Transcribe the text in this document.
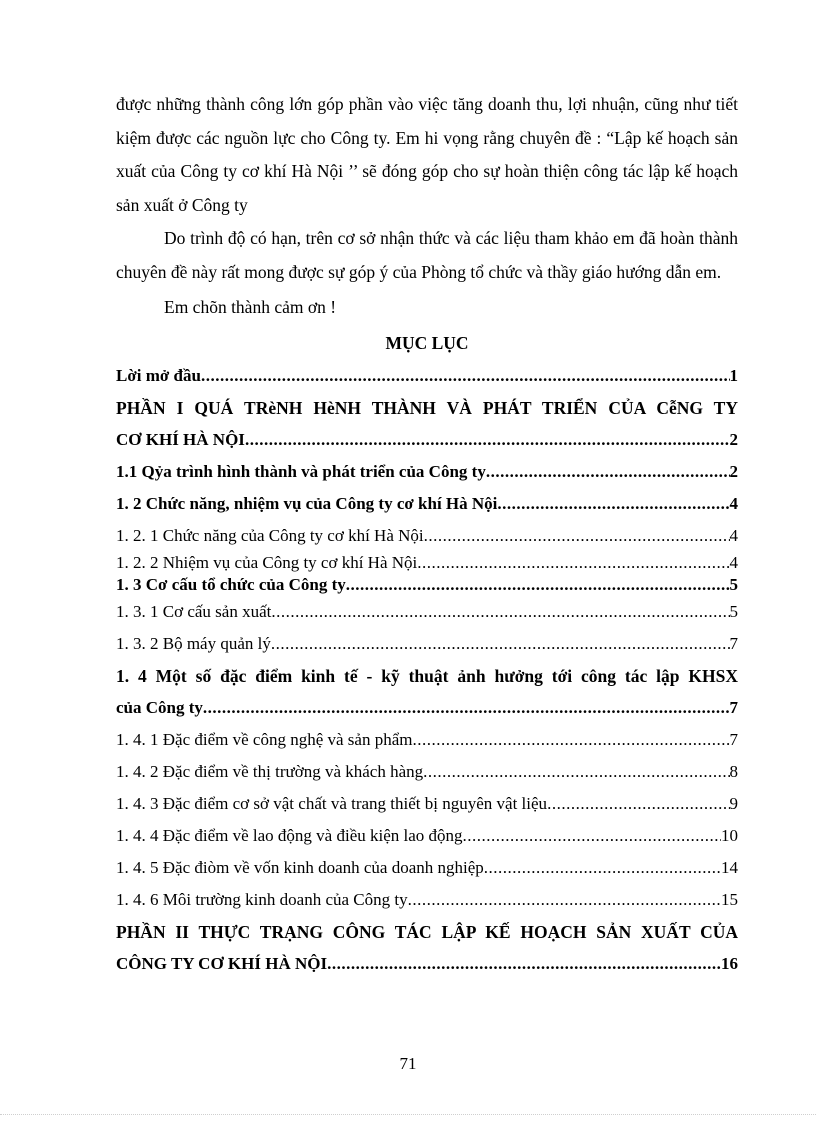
được những thành công lớn góp phần vào việc tăng doanh thu, lợi nhuận, cũng như tiết kiệm được các nguồn lực cho Công ty. Em hi vọng rằng chuyên đề : “Lập kế hoạch sản xuất của Công ty cơ khí Hà Nội ’’ sẽ đóng góp cho sự hoàn thiện công tác lập kế hoạch sản xuất ở Công ty

Do trình độ có hạn, trên cơ sở nhận thức và các liệu tham khảo em đã hoàn thành chuyên đề này rất mong được sự góp ý của Phòng tổ chức và thầy giáo hướng dẫn em.

Em chõn thành cảm ơn !

MỤC LỤC
Lời mở đầu .....	1
PHẦN I QUÁ TRèNH HèNH THÀNH VÀ PHÁT TRIỂN CỦA CễNG TY
CƠ KHÍ HÀ NỘI .....	2
1.1 Qỷa trình hình thành và phát triển của Công ty .....	2
1. 2 Chức năng, nhiệm vụ của Công ty cơ khí Hà Nội .....	4
1. 2. 1 Chức năng của Công ty cơ khí Hà Nội .....	4
1. 2. 2 Nhiệm vụ của Công ty cơ khí Hà Nội .....	4
1. 3 Cơ cấu tổ chức của Công ty .....	5
1. 3. 1 Cơ cấu sản xuất .....	5
1. 3. 2 Bộ máy quản lý .....	7
1. 4 Một số đặc điểm kinh tế - kỹ thuật ảnh hưởng tới công tác lập KHSX
của Công ty .....	7
1. 4. 1 Đặc điểm về công nghệ và sản phẩm .....	7
1. 4. 2 Đặc điểm về thị trường và khách hàng .....	8
1. 4. 3 Đặc điểm cơ sở vật chất và trang thiết bị nguyên vật liệu .....	9
1. 4. 4 Đặc điểm về lao động và điều kiện lao động .....	10
1. 4. 5 Đặc điòm về vốn kinh doanh của doanh nghiệp .....	14
1. 4. 6 Môi trường kinh doanh của Công ty .....	15
PHẦN II THỰC TRẠNG CÔNG TÁC LẬP KẾ HOẠCH SẢN XUẤT CỦA
CÔNG TY CƠ KHÍ HÀ NỘI .....	16
71
